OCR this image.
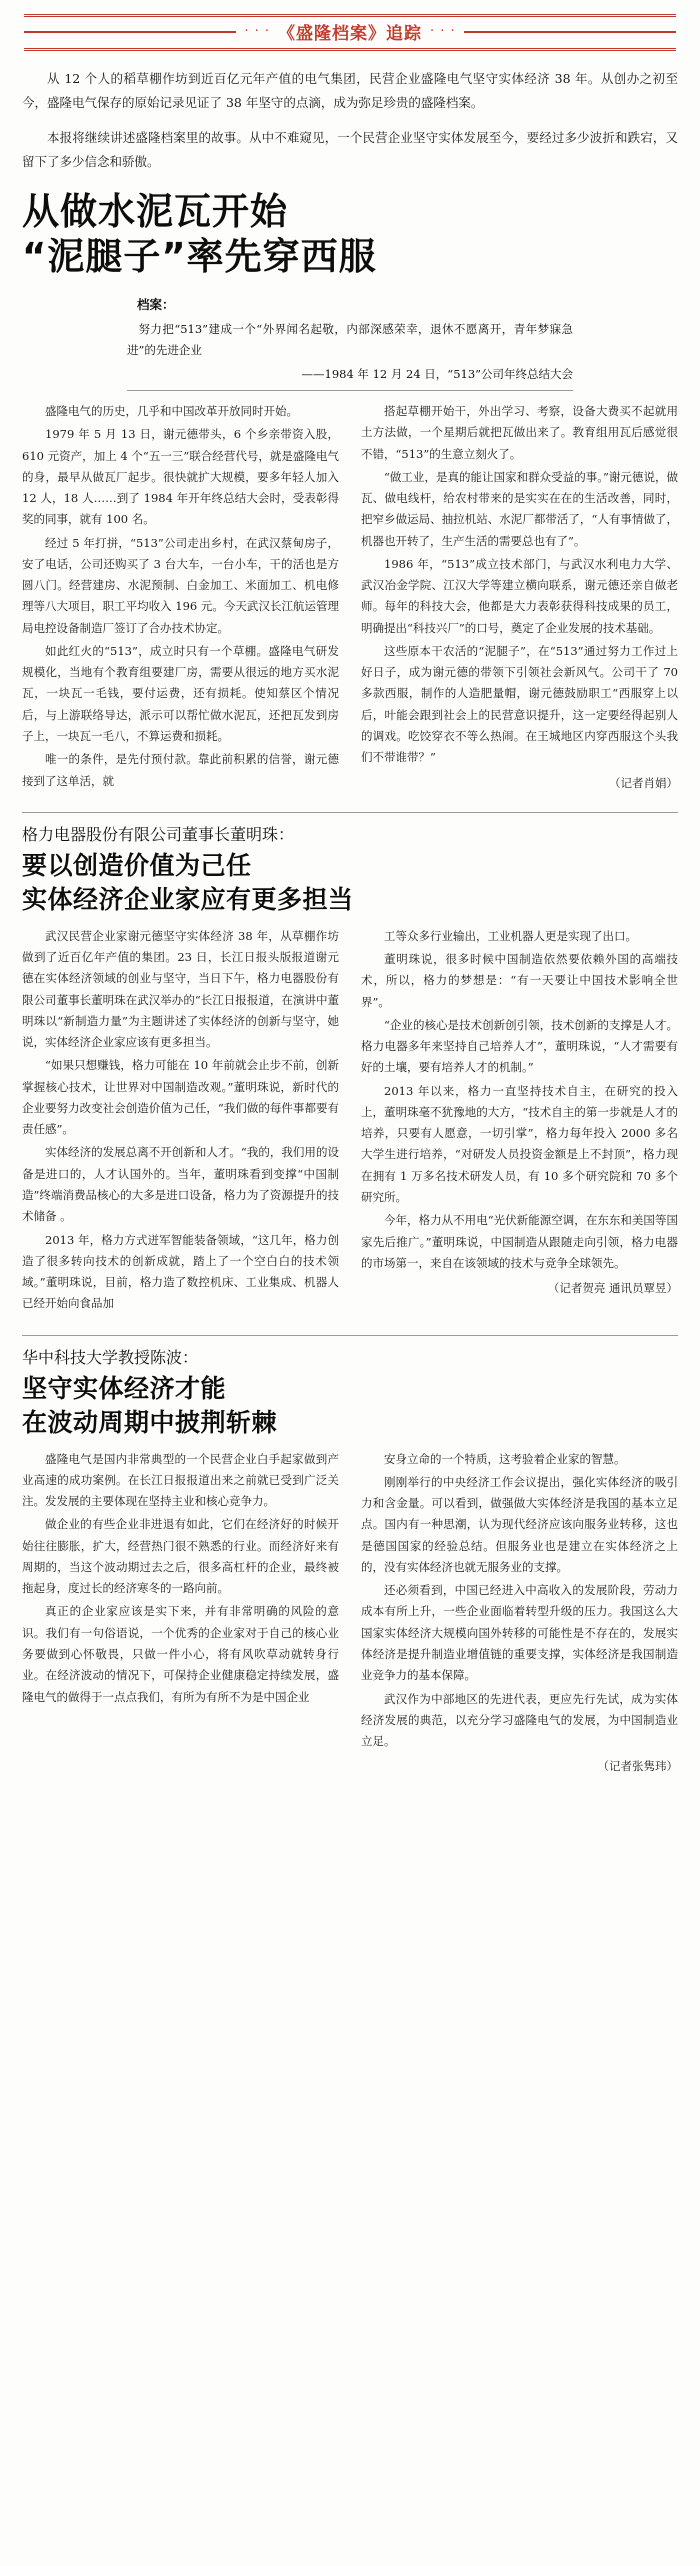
· · · 《盛隆档案》追踪 · · ·

从 12 个人的稻草棚作坊到近百亿元年产值的电气集团，民营企业盛隆电气坚守实体经济 38 年。从创办之初至今，盛隆电气保存的原始记录见证了 38 年坚守的点滴，成为弥足珍贵的盛隆档案。

本报将继续讲述盛隆档案里的故事。从中不难窥见，一个民营企业坚守实体发展至今，要经过多少波折和跌宕，又留下了多少信念和骄傲。

从做水泥瓦开始
“泥腿子”率先穿西服
档案：
努力把“513”建成一个“外界闻名起敬，内部深感荣幸，退休不愿离开，青年梦寐急进”的先进企业
——1984 年 12 月 24 日，“513”公司年终总结大会

盛隆电气的历史，几乎和中国改革开放同时开始。

1979 年 5 月 13 日，谢元德带头，6 个乡亲带资入股，610 元资产，加上 4 个“五一三”联合经营代号，就是盛隆电气的身，最早从做瓦厂起步。很快就扩大规模，要多年轻人加入 12 人，18 人……到了 1984 年开年终总结大会时，受表彰得奖的同事，就有 100 名。

经过 5 年打拼，“513”公司走出乡村，在武汉蔡甸房子，安了电话，公司还购买了 3 台大车，一台小车，干的活也是方圆八门。经营建房、水泥预制、白金加工、米面加工、机电修理等八大项目，职工平均收入 196 元。今天武汉长江航运管理局电控设备制造厂签订了合办技术协定。

如此红火的“513”，成立时只有一个草棚。盛隆电气研发规模化，当地有个教育组要建厂房，需要从很远的地方买水泥瓦，一块瓦一毛钱，要付运费，还有损耗。使知蔡区个情况后，与上游联络导达，派示可以帮忙做水泥瓦，还把瓦发到房子上，一块瓦一毛八，不算运费和损耗。

唯一的条件，是先付预付款。靠此前积累的信誉，谢元德接到了这单活，就

搭起草棚开始干，外出学习、考察，设备大费买不起就用土方法做，一个星期后就把瓦做出来了。教育组用瓦后感觉很不错，“513”的生意立刻火了。

“做工业，是真的能让国家和群众受益的事。”谢元德说，做瓦、做电线杆，给农村带来的是实实在在的生活改善，同时，把窄乡做运局、抽拉机站、水泥厂都带活了，“人有事情做了，机器也开转了，生产生活的需要总也有了”。

1986 年，“513”成立技术部门，与武汉水利电力大学、武汉冶金学院、江汉大学等建立横向联系，谢元德还亲自做老师。每年的科技大会，他都是大力表彰获得科技成果的员工，明确提出“科技兴厂”的口号，奠定了企业发展的技术基础。

这些原本干农活的“泥腿子”，在“513”通过努力工作过上好日子，成为谢元德的带领下引领社会新风气。公司干了 70 多款西服，制作的人造肥量帽，谢元德鼓励职工“西服穿上以后，叶能会跟到社会上的民营意识提升，这一定要经得起别人的调戏。吃饺穿衣不等么热闹。在王城地区内穿西服这个头我们不带谁带？”

（记者肖娟）
格力电器股份有限公司董事长董明珠：
要以创造价值为己任
实体经济企业家应有更多担当

武汉民营企业家谢元德坚守实体经济 38 年，从草棚作坊做到了近百亿年产值的集团。23 日，长江日报头版报道谢元德在实体经济领域的创业与坚守，当日下午，格力电器股份有限公司董事长董明珠在武汉举办的“长江日报报道，在演讲中董明珠以“新制造力量”为主题讲述了实体经济的创新与坚守，她说，实体经济企业家应该有更多担当。

“如果只想赚钱，格力可能在 10 年前就会止步不前，创新掌握核心技术，让世界对中国制造改观。”董明珠说，新时代的企业要努力改变社会创造价值为己任，“我们做的每件事都要有责任感”。

实体经济的发展总离不开创新和人才。“我的，我们用的设备是进口的，人才认国外的。当年，董明珠看到变撑“中国制造”终端消费品核心的大多是进口设备，格力为了资源提升的技术储备 。

2013 年，格力方式迸军智能装备领域，“这几年，格力创造了很多转向技术的创新成就，踏上了一个空白白的技术领域。”董明珠说，目前，格力造了数控机床、工业集成、机器人已经开始向食品加

工等众多行业输出，工业机器人更是实现了出口。

董明珠说，很多时候中国制造依然要依赖外国的高端技术，所以，格力的梦想是：“有一天要让中国技术影响全世界”。

“企业的核心是技术创新创引领，技术创新的支撑是人才。格力电器多年来坚持自己培养人才”，董明珠说，“人才需要有好的土壤，要有培养人才的机制。”

2013 年以来，格力一直坚持技术自主，在研究的投入上，董明珠毫不犹豫地的大方，“技术自主的第一步就是人才的培养，只要有人愿意，一切引掌”，格力每年投入 2000 多名大学生进行培养，“对研发人员投资金额是上不封顶”，格力现在拥有 1 万多名技术研发人员，有 10 多个研究院和 70 多个研究所。

今年，格力从不用电“光伏新能源空调，在东东和美国等国家先后推广。”董明珠说，中国制造从跟随走向引领，格力电器的市场第一，来自在该领域的技术与竞争全球领先。

（记者贺亮 通讯员覃昱）
华中科技大学教授陈波：
坚守实体经济才能
在波动周期中披荆斩棘

盛隆电气是国内非常典型的一个民营企业白手起家做到产业高速的成功案例。在长江日报报道出来之前就已受到广泛关注。发发展的主要体现在坚持主业和核心竞争力。

做企业的有些企业非进退有如此，它们在经济好的时候开始往往膨胀，扩大，经营热门很不熟悉的行业。而经济好来有周期的，当这个波动期过去之后，很多高杠杆的企业，最终被拖起身，度过长的经济寒冬的一路向前。

真正的企业家应该是实下来，并有非常明确的风险的意识。我们有一句俗语说，一个优秀的企业家对于自己的核心业务要做到心怀敬畏，只做一件小心，将有风吹草动就转身行业。在经济波动的情况下，可保持企业健康稳定持续发展，盛隆电气的做得于一点点我们，有所为有所不为是中国企业

安身立命的一个特质，这考验着企业家的智慧。

刚刚举行的中央经济工作会议提出，强化实体经济的吸引力和含金量。可以看到，做强做大实体经济是我国的基本立足点。国内有一种思潮，认为现代经济应该向服务业转移，这也是德国国家的经验总结。但服务业也是建立在实体经济之上的，没有实体经济也就无服务业的支撑。

还必须看到，中国已经进入中高收入的发展阶段，劳动力成本有所上升，一些企业面临着转型升级的压力。我国这么大国家实体经济大规模向国外转移的可能性是不存在的，发展实体经济是提升制造业增值链的重要支撑，实体经济是我国制造业竞争力的基本保障。

武汉作为中部地区的先进代表，更应先行先试，成为实体经济发展的典范，以充分学习盛隆电气的发展，为中国制造业立足。

（记者张隽玮）
